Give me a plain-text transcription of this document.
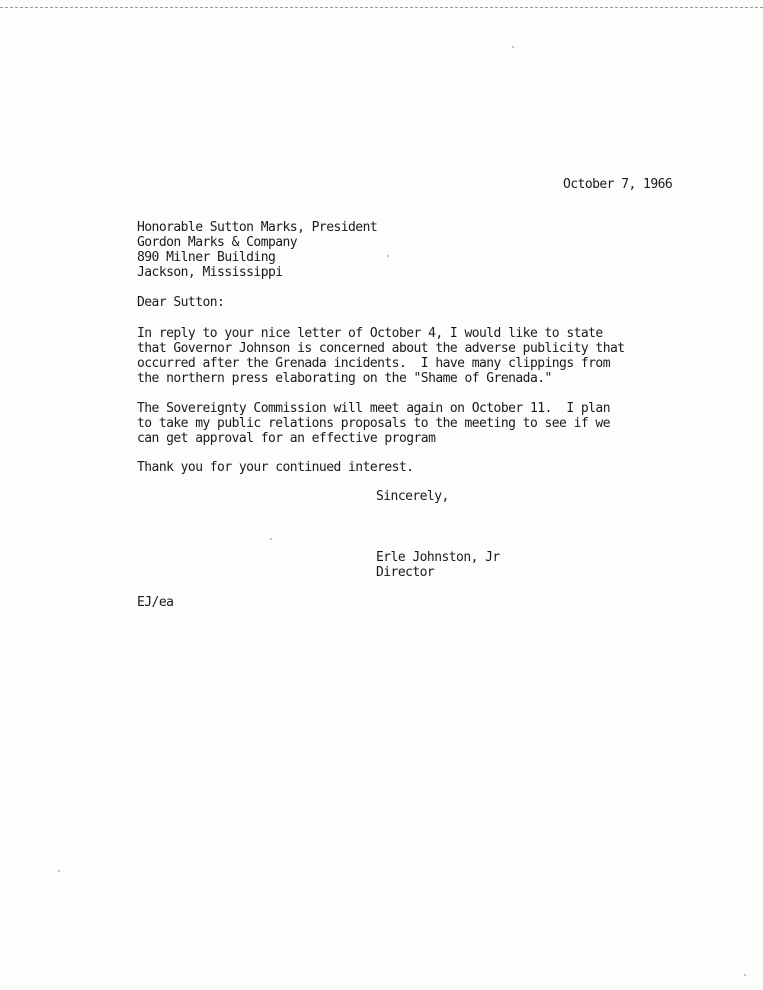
October 7, 1966
Honorable Sutton Marks, President
Gordon Marks & Company
890 Milner Building
Jackson, Mississippi
Dear Sutton:
In reply to your nice letter of October 4, I would like to state
that Governor Johnson is concerned about the adverse publicity that
occurred after the Grenada incidents.  I have many clippings from
the northern press elaborating on the "Shame of Grenada."
The Sovereignty Commission will meet again on October 11.  I plan
to take my public relations proposals to the meeting to see if we
can get approval for an effective program
Thank you for your continued interest.
Sincerely,
Erle Johnston, Jr
Director
EJ/ea
